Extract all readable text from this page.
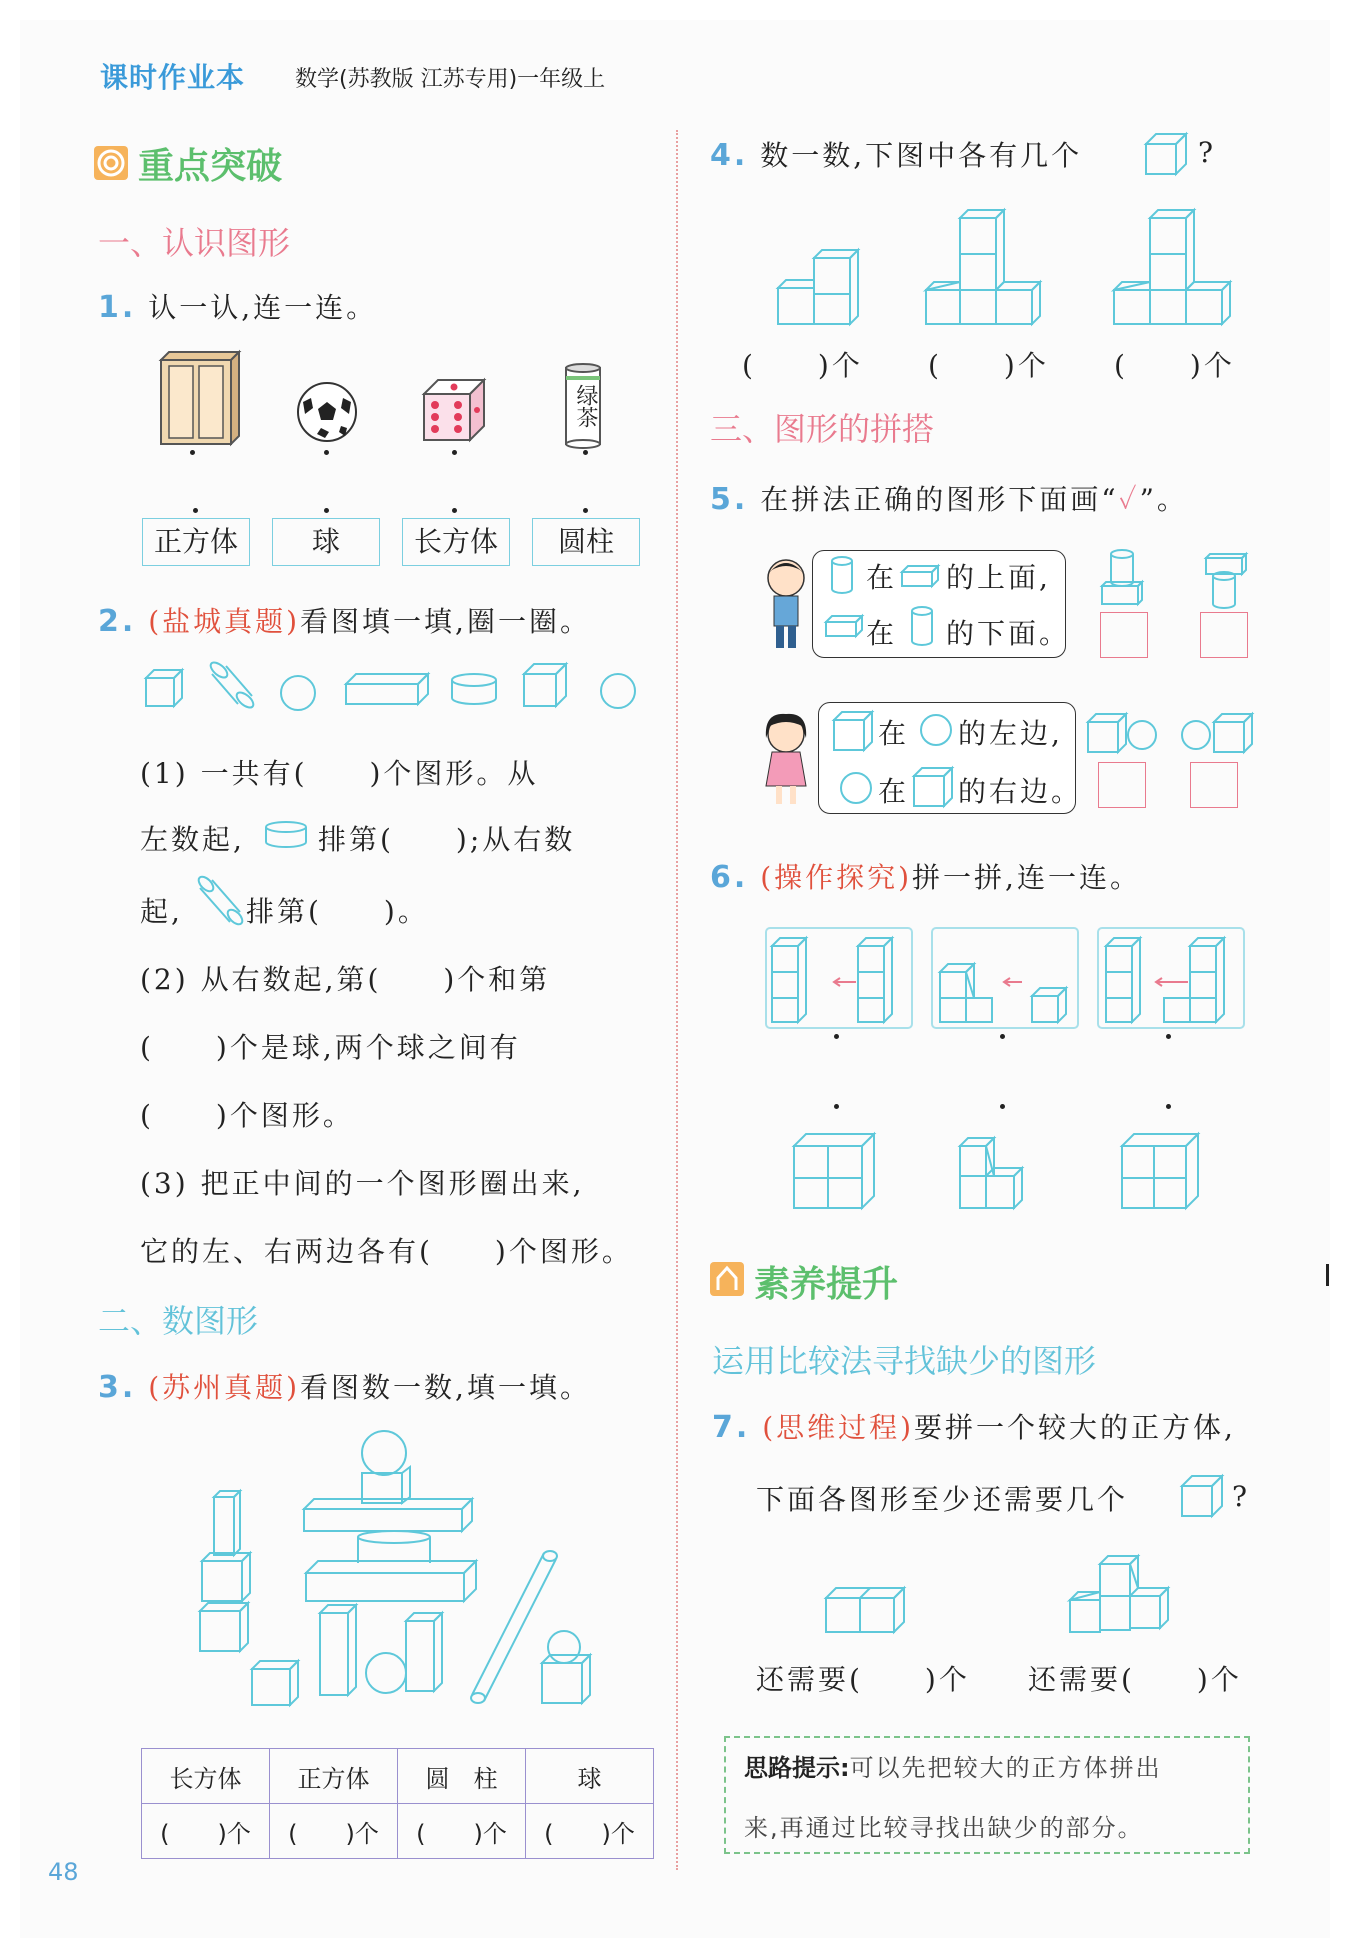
课时作业本 数学(苏教版 江苏专用)一年级上
重点突破
一、认识图形
1. 认一认,连一连。
绿茶
正方体	球	长方体	圆柱
2. (盐城真题)看图填一填,圈一圈。
(1) 一共有(　　)个图形。从
左数起,	排第(　　);从右数
起, 排第(　　)。
(2) 从右数起,第(　　)个和第
(　　)个是球,两个球之间有
(　　)个图形。
(3) 把正中间的一个图形圈出来,
它的左、右两边各有(　　)个图形。
二、数图形
3. (苏州真题)看图数一数,填一填。
长方体	正方体	圆　柱	球
(　　)个	(　　)个	(　　)个	(　　)个
48
4. 数一数,下图中各有几个	?
(　　)个 (　　)个 (　　)个
三、图形的拼搭
5. 在拼法正确的图形下面画“✓”。
在 的上面,
在 的下面。
在 的左边,
在 的右边。
6. (操作探究)拼一拼,连一连。
素养提升
运用比较法寻找缺少的图形
7. (思维过程)要拼一个较大的正方体,
下面各图形至少还需要几个	?
还需要(　　)个 还需要(　　)个
思路提示:可以先把较大的正方体拼出
来,再通过比较寻找出缺少的部分。
